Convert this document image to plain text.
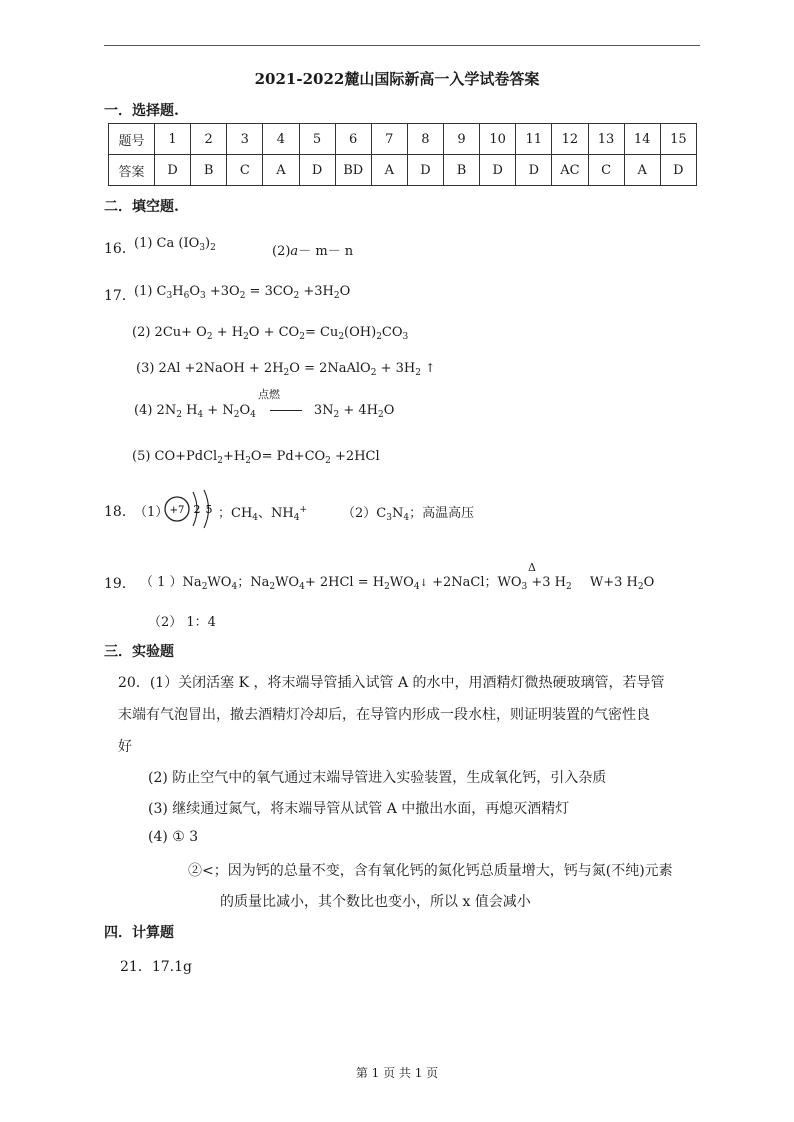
2021-2022麓山国际新高一入学试卷答案
一．选择题.
题号	1	2	3	4	5	6	7	8	9	10	11	12	13	14	15
答案	D	B	C	A	D	BD	A	D	B	D	D	AC	C	A	D
二．填空题.
16．
(1) Ca $(IO_3)_2$	(2)a－ m－ n
17．
(1) $C_3H_6O_3 +3O_2 = 3CO_2 +3H_2O$
(2) $2Cu+ O_2 + H_2O + CO_2= Cu_2(OH)_2CO_3$
(3) 2Al +2NaOH + $2H_2O$ = 2NaAlO$_2$ + $3H_2$ ↑
点燃
(4) $2N_2$ $H_4 + N_2O_4$	$3N_2 + 4H_2O$
(5) $CO+PdCl_2+H_2O= Pd+CO_2 +2HCl$
18．
（1） +7 2 5 ；$CH_4$、$NH_4^+$	$(2)C_3N_4$；高温高压
19． （ 1 ）$Na_2WO_4$；$Na_2WO_4+ 2HCl$ = $H_2WO_4↓$ +2NaCl；$WO_3 +3$ $H_2$ W+3 $H_2O$
Δ
（2） 1：4
三．实验题
20．(1）关闭活塞 K ，将末端导管插入试管 A 的水中，用酒精灯微热硬玻璃管，若导管
末端有气泡冒出，撤去酒精灯冷却后，在导管内形成一段水柱，则证明装置的气密性良
好
(2) 防止空气中的氧气通过末端导管进入实验装置，生成氧化钙，引入杂质
(3) 继续通过氮气，将末端导管从试管 A 中撤出水面，再熄灭酒精灯
(4) ① 3
②<；因为钙的总量不变，含有氧化钙的氮化钙总质量增大，钙与氮(不纯)元素
的质量比减小，其个数比也变小，所以 x 值会减小
四．计算题
21．17.1g
第 1 页 共 1 页
